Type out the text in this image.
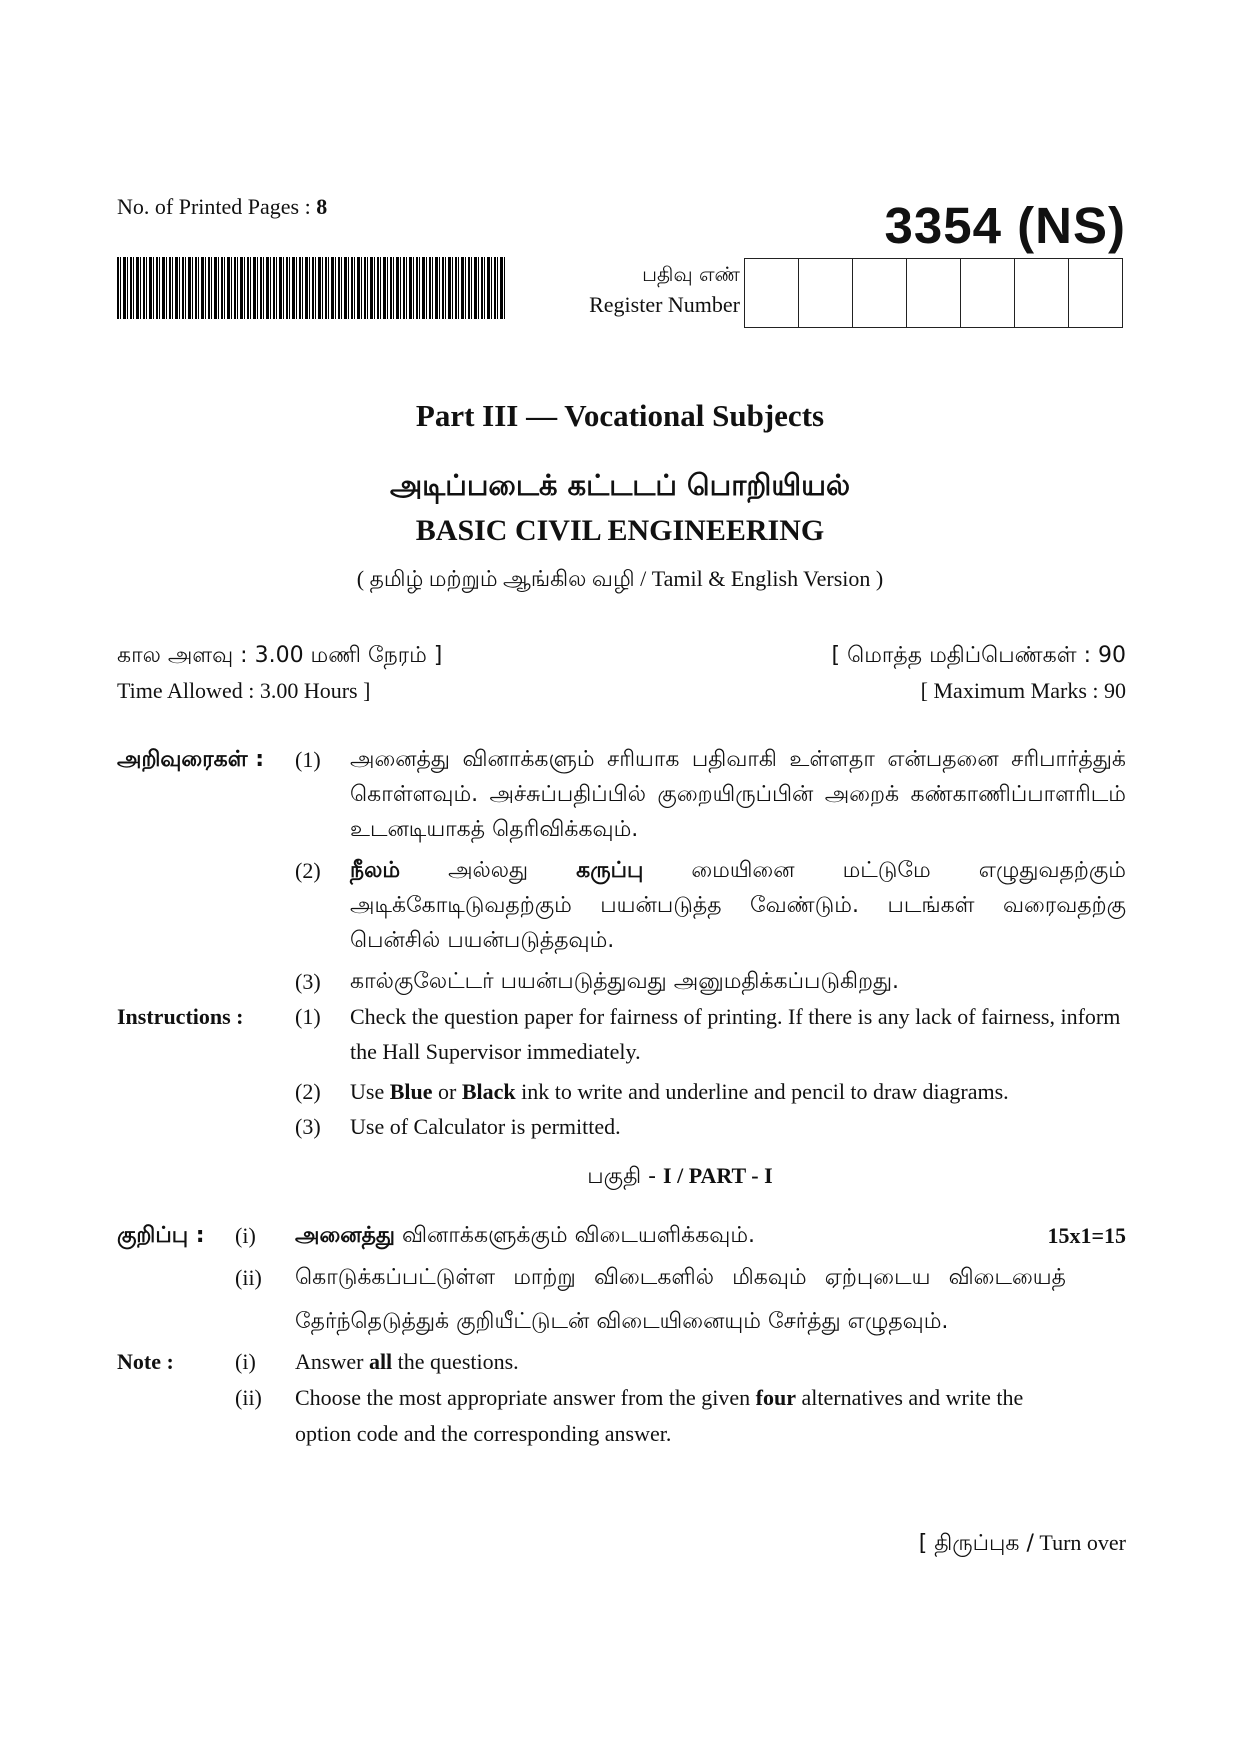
No. of Printed Pages : 8	3354 (NS)
பதிவு எண்
Register Number
Part III — Vocational Subjects
அடிப்படைக் கட்டடப் பொறியியல்
BASIC CIVIL ENGINEERING
( தமிழ் மற்றும் ஆங்கில வழி / Tamil & English Version )
கால அளவு : 3.00 மணி நேரம் ]
Time Allowed : 3.00 Hours ]
[ மொத்த மதிப்பெண்கள் : 90
[ Maximum Marks : 90
அறிவுரைகள் :	(1)	அனைத்து வினாக்களும் சரியாக பதிவாகி உள்ளதா என்பதனை சரிபார்த்துக் கொள்ளவும். அச்சுப்பதிப்பில் குறையிருப்பின் அறைக் கண்காணிப்பாளரிடம் உடனடியாகத் தெரிவிக்கவும்.
(2)	நீலம் அல்லது கருப்பு மையினை மட்டுமே எழுதுவதற்கும் அடிக்கோடிடுவதற்கும் பயன்படுத்த வேண்டும். படங்கள் வரைவதற்கு பென்சில் பயன்படுத்தவும்.
(3)	கால்குலேட்டர் பயன்படுத்துவது அனுமதிக்கப்படுகிறது.
Instructions :	(1)	Check the question paper for fairness of printing. If there is any lack of fairness, inform the Hall Supervisor immediately.
(2)	Use Blue or Black ink to write and underline and pencil to draw diagrams.
(3)	Use of Calculator is permitted.
பகுதி - I / PART - I
குறிப்பு :	(i)	அனைத்து வினாக்களுக்கும் விடையளிக்கவும்.	15x1=15
(ii)	கொடுக்கப்பட்டுள்ள மாற்று விடைகளில் மிகவும் ஏற்புடைய விடையைத் தேர்ந்தெடுத்துக் குறியீட்டுடன் விடையினையும் சேர்த்து எழுதவும்.
Note :	(i)	Answer all the questions.
(ii)	Choose the most appropriate answer from the given four alternatives and write the option code and the corresponding answer.
[ திருப்புக / Turn over
